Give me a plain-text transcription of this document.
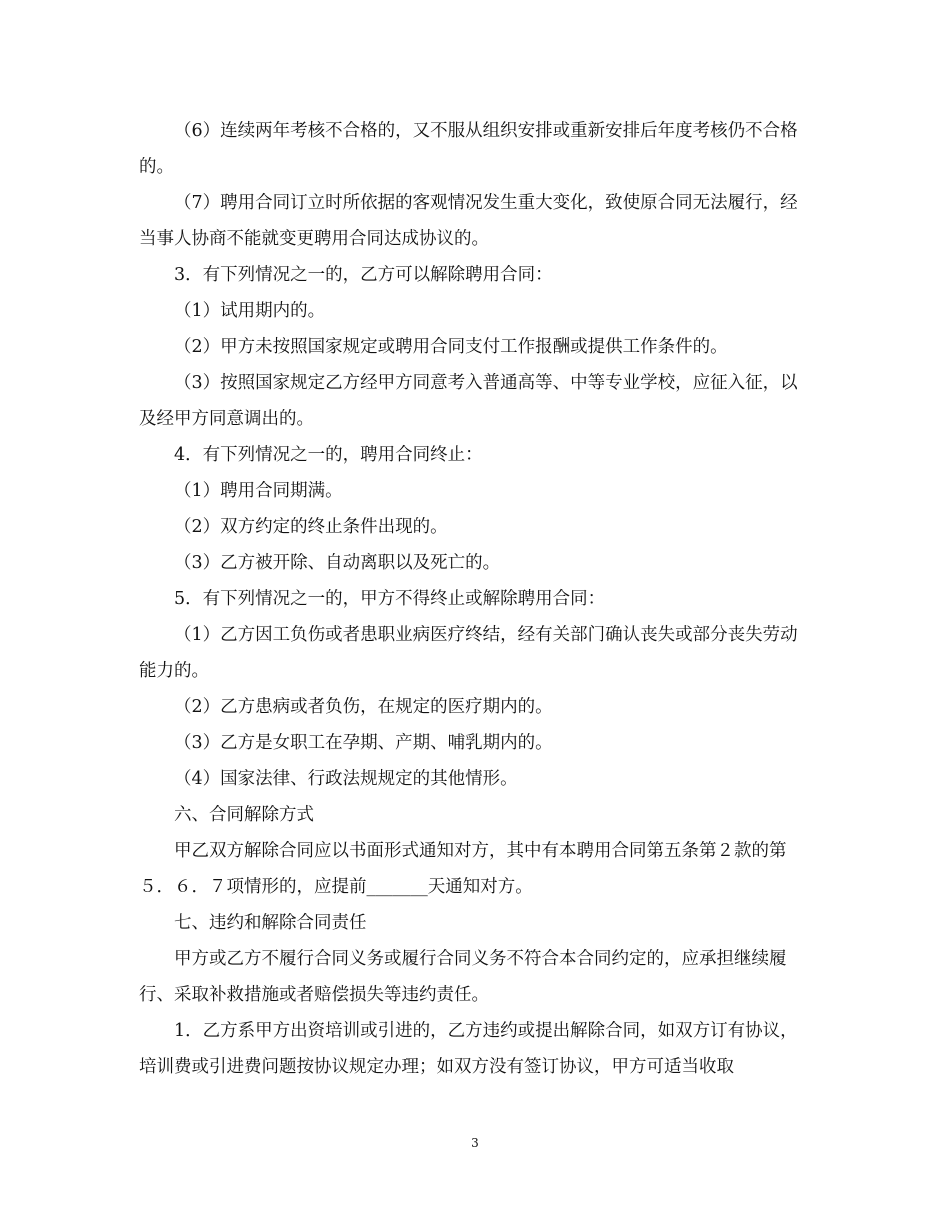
（6）连续两年考核不合格的，又不服从组织安排或重新安排后年度考核仍不合格的。

（7）聘用合同订立时所依据的客观情况发生重大变化，致使原合同无法履行，经当事人协商不能就变更聘用合同达成协议的。

3．有下列情况之一的，乙方可以解除聘用合同：

（1）试用期内的。

（2）甲方未按照国家规定或聘用合同支付工作报酬或提供工作条件的。

（3）按照国家规定乙方经甲方同意考入普通高等、中等专业学校，应征入征，以及经甲方同意调出的。

4．有下列情况之一的，聘用合同终止：

（1）聘用合同期满。

（2）双方约定的终止条件出现的。

（3）乙方被开除、自动离职以及死亡的。

5．有下列情况之一的，甲方不得终止或解除聘用合同：

（1）乙方因工负伤或者患职业病医疗终结，经有关部门确认丧失或部分丧失劳动能力的。

（2）乙方患病或者负伤，在规定的医疗期内的。

（3）乙方是女职工在孕期、产期、哺乳期内的。

（4）国家法律、行政法规规定的其他情形。

六、合同解除方式

甲乙双方解除合同应以书面形式通知对方，其中有本聘用合同第五条第２款的第５．６．７项情形的，应提前_______天通知对方。

七、违约和解除合同责任

甲方或乙方不履行合同义务或履行合同义务不符合本合同约定的，应承担继续履行、采取补救措施或者赔偿损失等违约责任。

1．乙方系甲方出资培训或引进的，乙方违约或提出解除合同，如双方订有协议，培训费或引进费问题按协议规定办理；如双方没有签订协议，甲方可适当收取

3
